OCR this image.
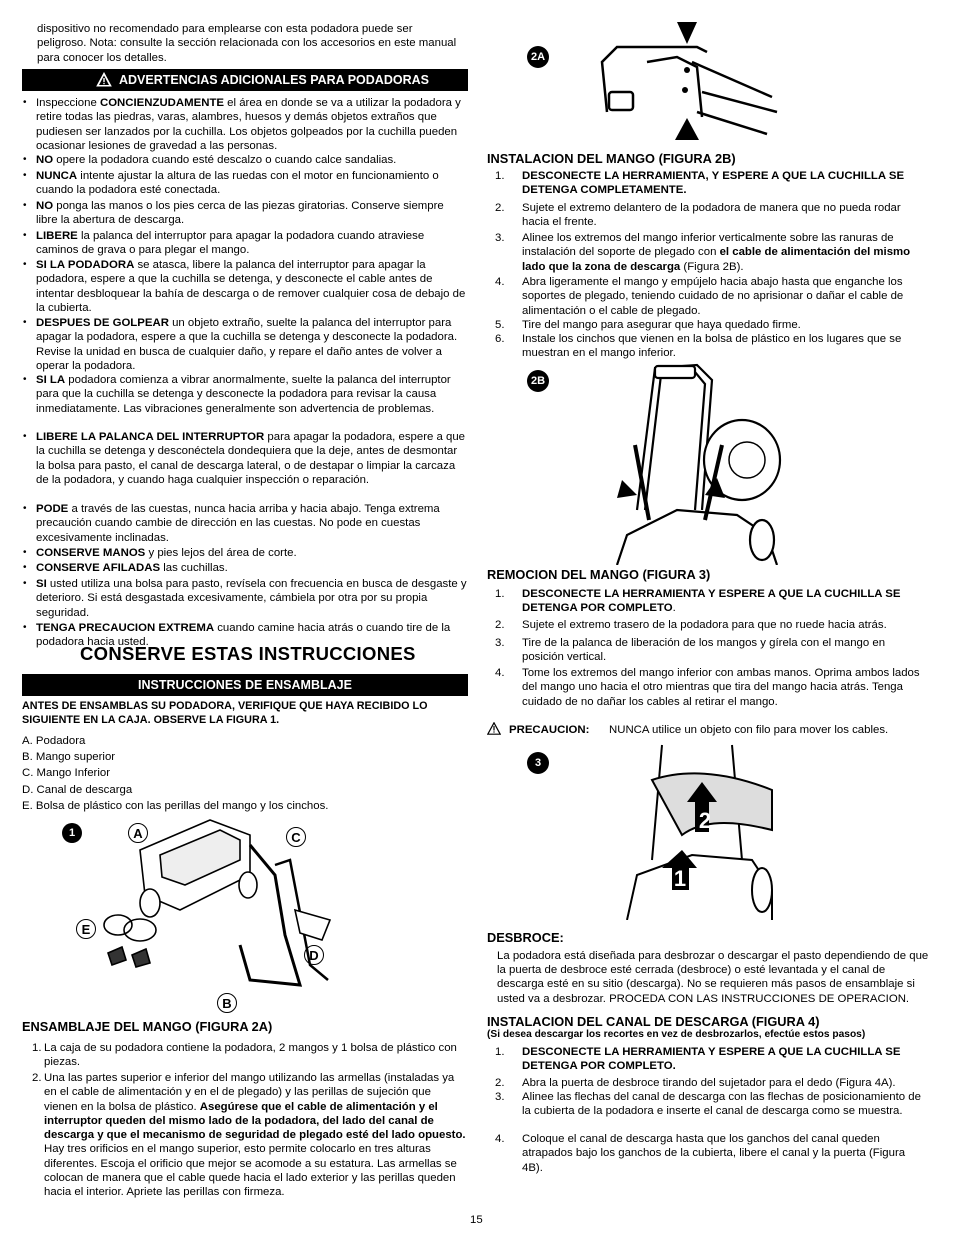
dispositivo no recomendado para emplearse con esta podadora puede ser peligroso. Nota: consulte la sección relacionada con los accesorios en este manual para conocer los detalles.
ADVERTENCIAS ADICIONALES PARA PODADORAS
• Inspeccione CONCIENZUDAMENTE el área en donde se va a utilizar la podadora y retire todas las piedras, varas, alambres, huesos y demás objetos extraños que pudiesen ser lanzados por la cuchilla. Los objetos golpeados por la cuchilla pueden ocasionar lesiones de gravedad a las personas.
• NO opere la podadora cuando esté descalzo o cuando calce sandalias.
• NUNCA intente ajustar la altura de las ruedas con el motor en funcionamiento o cuando la podadora esté conectada.
• NO ponga las manos o los pies cerca de las piezas giratorias. Conserve siempre libre la abertura de descarga.
• LIBERE la palanca del interruptor para apagar la podadora cuando atraviese caminos de grava o para plegar el mango.
• SI LA PODADORA se atasca, libere la palanca del interruptor para apagar la podadora, espere a que la cuchilla se detenga, y desconecte el cable antes de intentar desbloquear la bahía de descarga o de remover cualquier cosa de debajo de la cubierta.
• DESPUES DE GOLPEAR un objeto extraño, suelte la palanca del interruptor para apagar la podadora, espere a que la cuchilla se detenga y desconecte la podadora. Revise la unidad en busca de cualquier daño, y repare el daño antes de volver a operar la podadora.
• SI LA podadora comienza a vibrar anormalmente, suelte la palanca del interruptor para que la cuchilla se detenga y desconecte la podadora para revisar la causa inmediatamente. Las vibraciones generalmente son advertencia de problemas.
• LIBERE LA PALANCA DEL INTERRUPTOR para apagar la podadora, espere a que la cuchilla se detenga y desconéctela dondequiera que la deje, antes de desmontar la bolsa para pasto, el canal de descarga lateral, o de destapar o limpiar la carcaza de la podadora, y cuando haga cualquier inspección o reparación.
• PODE a través de las cuestas, nunca hacia arriba y hacia abajo. Tenga extrema precaución cuando cambie de dirección en las cuestas. No pode en cuestas excesivamente inclinadas.
• CONSERVE MANOS y pies lejos del área de corte.
• CONSERVE AFILADAS las cuchillas.
• SI usted utiliza una bolsa para pasto, revísela con frecuencia en busca de desgaste y deterioro. Si está desgastada excesivamente, cámbiela por otra por su propia seguridad.
• TENGA PRECAUCION EXTREMA cuando camine hacia atrás o cuando tire de la podadora hacia usted.
CONSERVE ESTAS INSTRUCCIONES
INSTRUCCIONES DE ENSAMBLAJE
ANTES DE ENSAMBLAS SU PODADORA, VERIFIQUE QUE HAYA RECIBIDO LO SIGUIENTE EN LA CAJA. OBSERVE LA FIGURA 1.
A. Podadora
B. Mango superior
C. Mango Inferior
D. Canal de descarga
E. Bolsa de plástico con las perillas del mango y los cinchos.
1	A	C
E
D
B
ENSAMBLAJE DEL MANGO (FIGURA 2A)
1. La caja de su podadora contiene la podadora, 2 mangos y 1 bolsa de plástico con piezas.
2. Una las partes superior e inferior del mango utilizando las armellas (instaladas ya en el cable de alimentación y en el de plegado) y las perillas de sujeción que vienen en la bolsa de plástico. Asegúrese que el cable de alimentación y el interruptor queden del mismo lado de la podadora, del lado del canal de descarga y que el mecanismo de seguridad de plegado esté del lado opuesto. Hay tres orificios en el mango superior, esto permite colocarlo en tres alturas diferentes. Escoja el orificio que mejor se acomode a su estatura. Las armellas se colocan de manera que el cable quede hacia el lado exterior y las perillas queden hacia el interior. Apriete las perillas con firmeza.
2A
INSTALACION DEL MANGO (FIGURA 2B)
1. DESCONECTE LA HERRAMIENTA, Y ESPERE A QUE LA CUCHILLA SE DETENGA COMPLETAMENTE.
2. Sujete el extremo delantero de la podadora de manera que no pueda rodar hacia el frente.
3. Alinee los extremos del mango inferior verticalmente sobre las ranuras de instalación del soporte de plegado con el cable de alimentación del mismo lado que la zona de descarga (Figura 2B).
4. Abra ligeramente el mango y empújelo hacia abajo hasta que enganche los soportes de plegado, teniendo cuidado de no aprisionar o dañar el cable de alimentación o el cable de plegado.
5. Tire del mango para asegurar que haya quedado firme.
6. Instale los cinchos que vienen en la bolsa de plástico en los lugares que se muestran en el mango inferior.
2B
REMOCION DEL MANGO (FIGURA 3)
1. DESCONECTE LA HERRAMIENTA Y ESPERE A QUE LA CUCHILLA SE DETENGA POR COMPLETO.
2. Sujete el extremo trasero de la podadora para que no ruede hacia atrás.
3. Tire de la palanca de liberación de los mangos y gírela con el mango en posición vertical.
4. Tome los extremos del mango inferior con ambas manos. Oprima ambos lados del mango uno hacia el otro mientras que tira del mango hacia atrás. Tenga cuidado de no dañar los cables al retirar el mango.
PRECAUCION: NUNCA utilice un objeto con filo para mover los cables.
3
2
1
DESBROCE:
La podadora está diseñada para desbrozar o descargar el pasto dependiendo de que la puerta de desbroce esté cerrada (desbroce) o esté levantada y el canal de descarga esté en su sitio (descarga). No se requieren más pasos de ensamblaje si usted va a desbrozar. PROCEDA CON LAS INSTRUCCIONES DE OPERACION.
INSTALACION DEL CANAL DE DESCARGA (FIGURA 4)
(Si desea descargar los recortes en vez de desbrozarlos, efectúe estos pasos)
1. DESCONECTE LA HERRAMIENTA Y ESPERE A QUE LA CUCHILLA SE DETENGA POR COMPLETO.
2. Abra la puerta de desbroce tirando del sujetador para el dedo (Figura 4A).
3. Alinee las flechas del canal de descarga con las flechas de posicionamiento de la cubierta de la podadora e inserte el canal de descarga como se muestra.
4. Coloque el canal de descarga hasta que los ganchos del canal queden atrapados bajo los ganchos de la cubierta, libere el canal y la puerta (Figura 4B).
15
